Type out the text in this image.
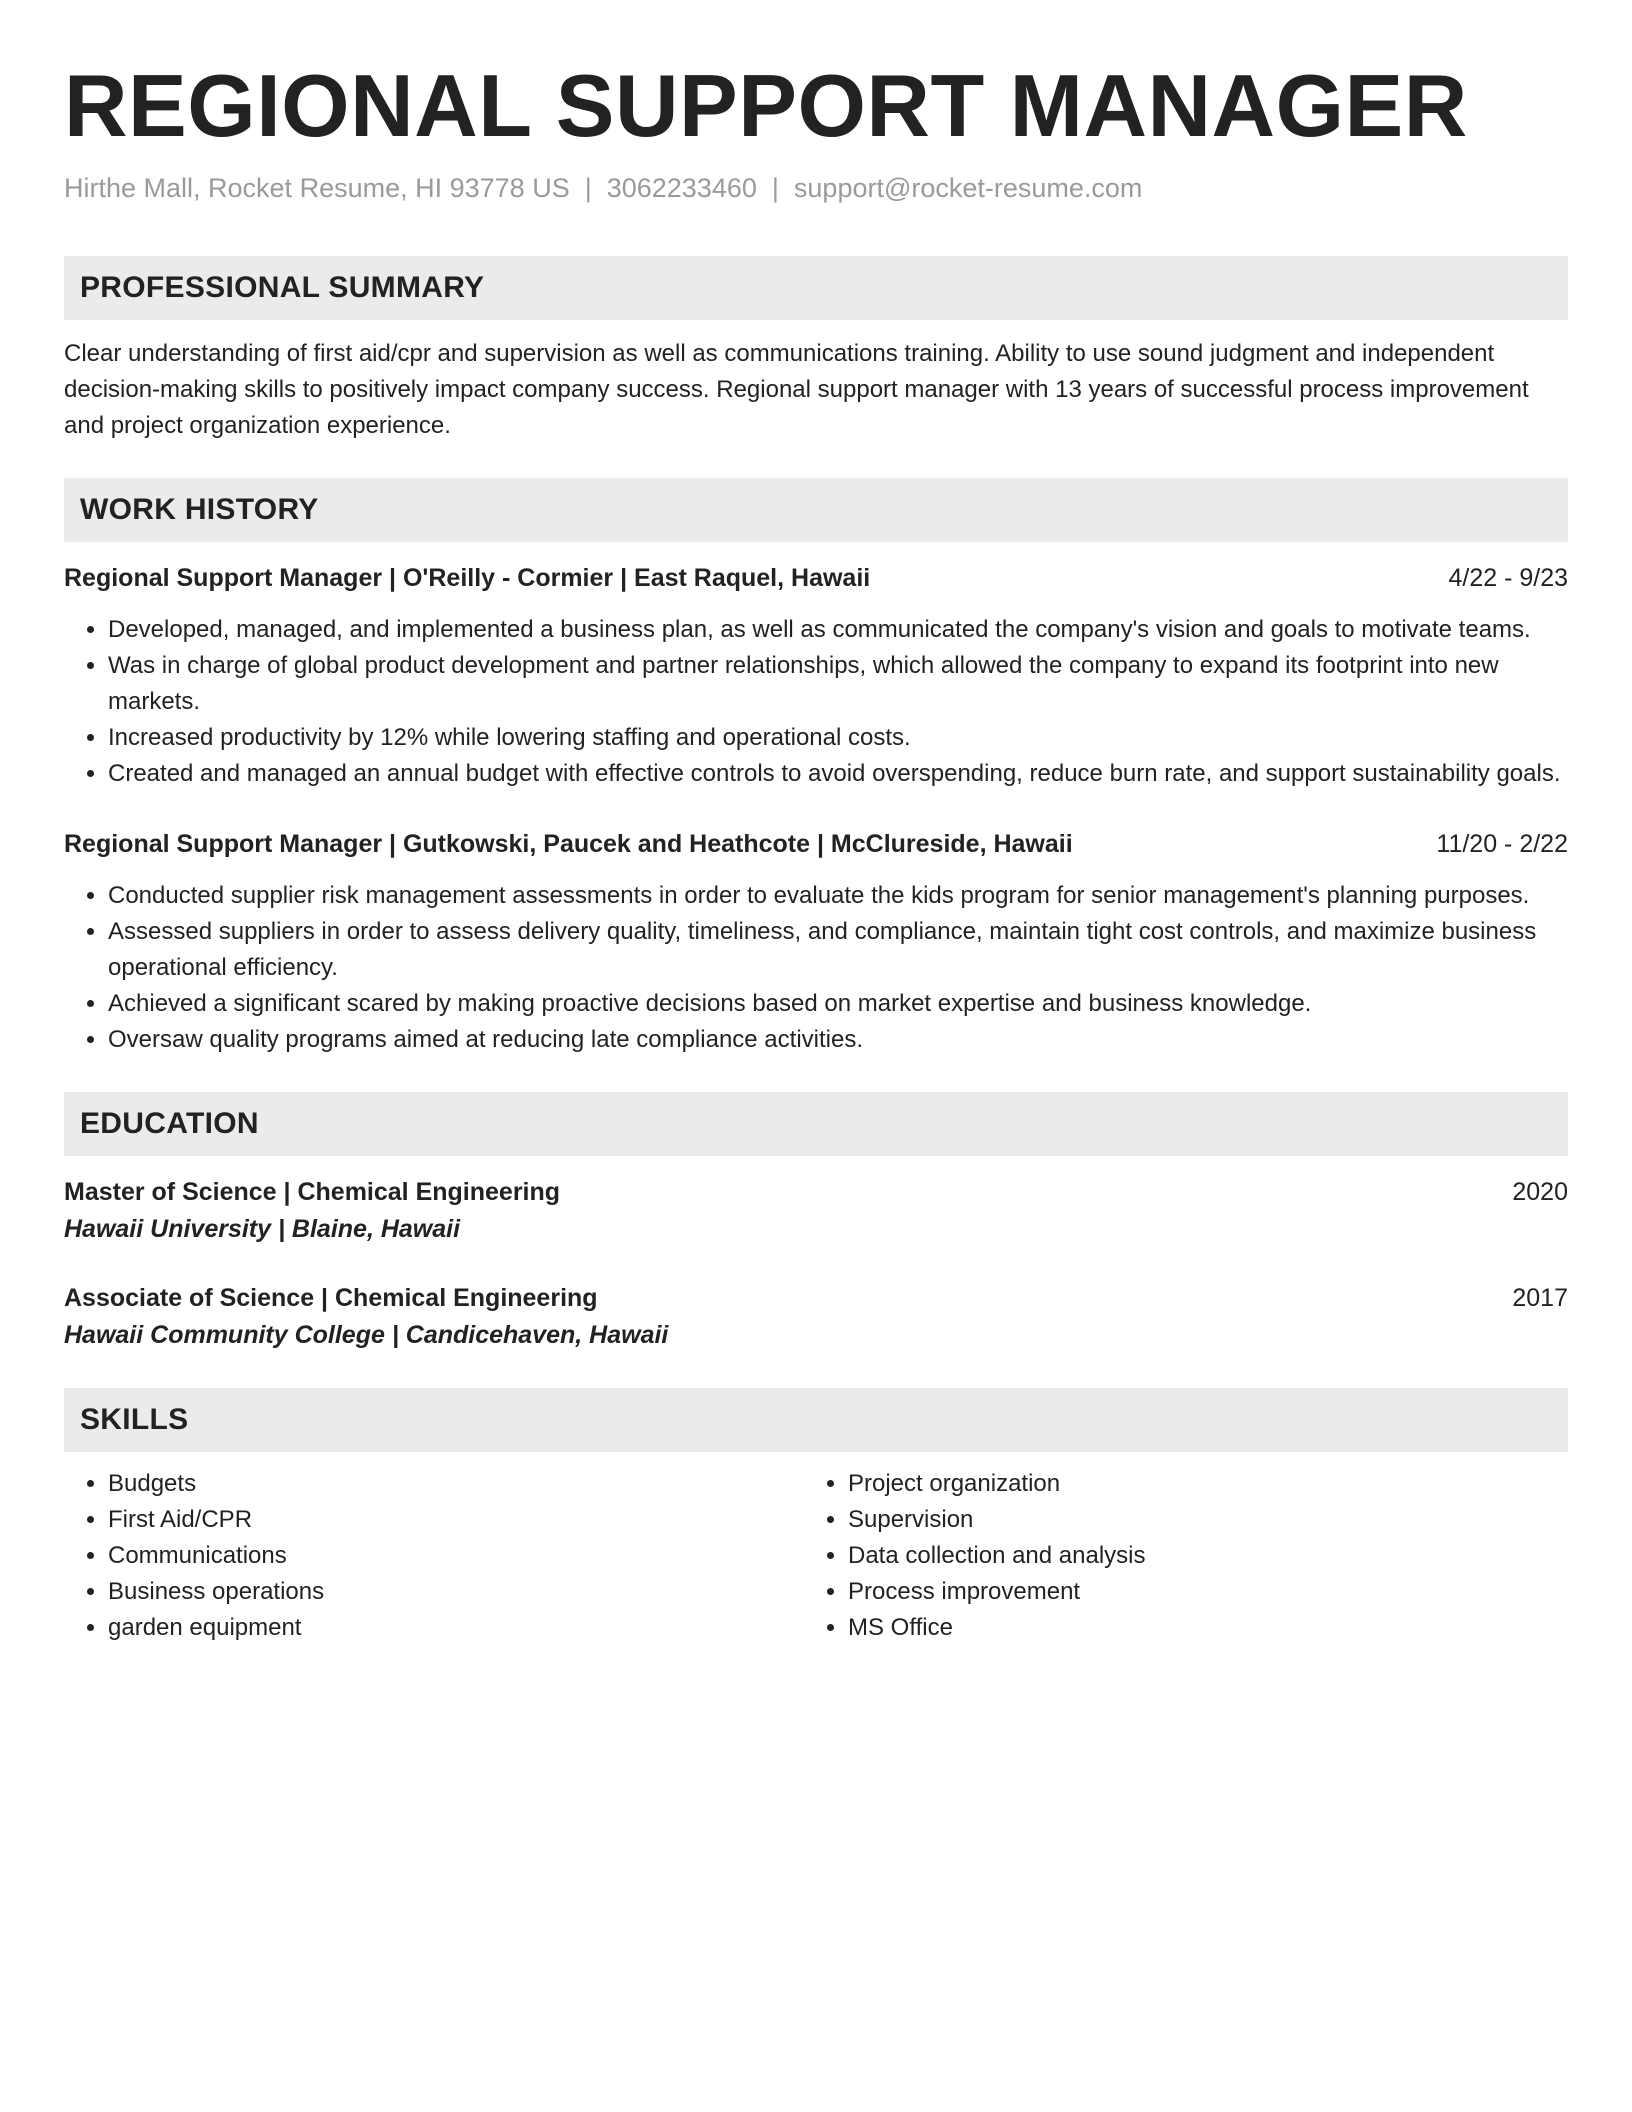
REGIONAL SUPPORT MANAGER
Hirthe Mall, Rocket Resume, HI 93778 US | 3062233460 | support@rocket-resume.com
PROFESSIONAL SUMMARY
Clear understanding of first aid/cpr and supervision as well as communications training. Ability to use sound judgment and independent decision-making skills to positively impact company success. Regional support manager with 13 years of successful process improvement and project organization experience.
WORK HISTORY
Regional Support Manager | O'Reilly - Cormier | East Raquel, Hawaii	4/22 - 9/23
• Developed, managed, and implemented a business plan, as well as communicated the company's vision and goals to motivate teams.
• Was in charge of global product development and partner relationships, which allowed the company to expand its footprint into new markets.
• Increased productivity by 12% while lowering staffing and operational costs.
• Created and managed an annual budget with effective controls to avoid overspending, reduce burn rate, and support sustainability goals.
Regional Support Manager | Gutkowski, Paucek and Heathcote | McClureside, Hawaii	11/20 - 2/22
• Conducted supplier risk management assessments in order to evaluate the kids program for senior management's planning purposes.
• Assessed suppliers in order to assess delivery quality, timeliness, and compliance, maintain tight cost controls, and maximize business operational efficiency.
• Achieved a significant scared by making proactive decisions based on market expertise and business knowledge.
• Oversaw quality programs aimed at reducing late compliance activities.
EDUCATION
Master of Science | Chemical Engineering	2020
Hawaii University | Blaine, Hawaii
Associate of Science | Chemical Engineering	2017
Hawaii Community College | Candicehaven, Hawaii
SKILLS
• Budgets
• First Aid/CPR
• Communications
• Business operations
• garden equipment
• Project organization
• Supervision
• Data collection and analysis
• Process improvement
• MS Office
